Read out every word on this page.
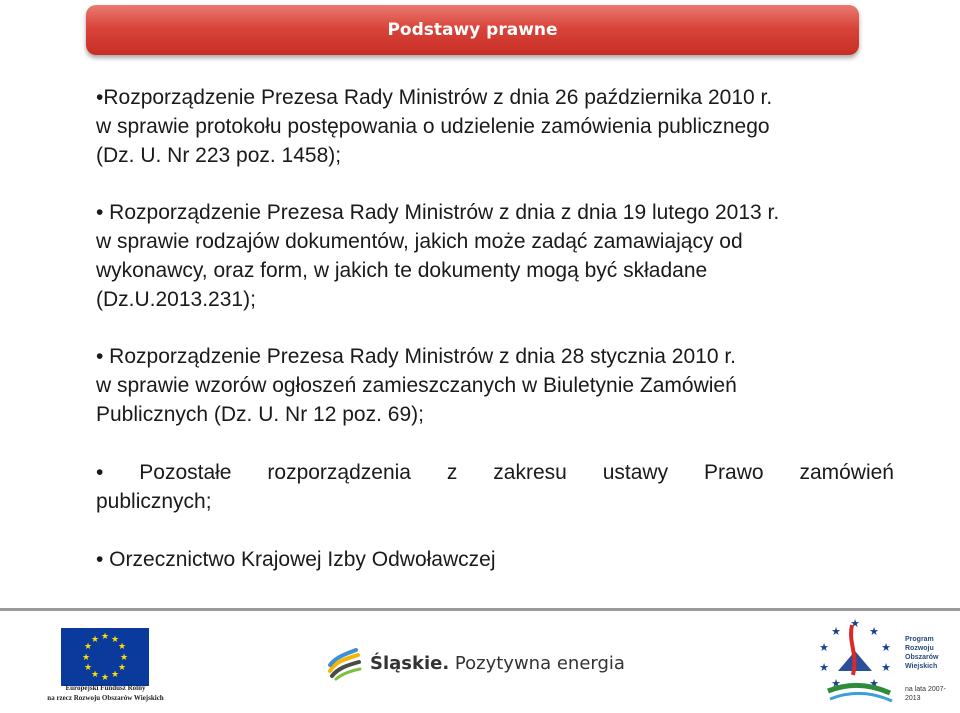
Podstawy prawne

•Rozporządzenie Prezesa Rady Ministrów z dnia 26 października 2010 r.

w sprawie protokołu postępowania o udzielenie zamówienia publicznego

(Dz. U. Nr 223 poz. 1458);

• Rozporządzenie Prezesa Rady Ministrów z dnia z dnia 19 lutego 2013 r.

w sprawie rodzajów dokumentów, jakich może zadąć zamawiający od

wykonawcy, oraz form, w jakich te dokumenty mogą być składane

(Dz.U.2013.231);

• Rozporządzenie Prezesa Rady Ministrów z dnia 28 stycznia 2010 r.

w sprawie wzorów ogłoszeń zamieszczanych w Biuletynie Zamówień

Publicznych (Dz. U. Nr 12 poz. 69);

• Pozostałe rozporządzenia z zakresu ustawy Prawo zamówień

publicznych;

• Orzecznictwo Krajowej Izby Odwoławczej

★ ★
★
★
★
★
★
★
★
★
★
★
Europejski Fundusz Rolny
na rzecz Rozwoju Obszarów Wiejskich
Śląskie. Pozytywna energia
★
★
★
★
★
★
★
★
★
Program
Rozwoju
Obszarów
Wiejskich
na lata 2007-2013
